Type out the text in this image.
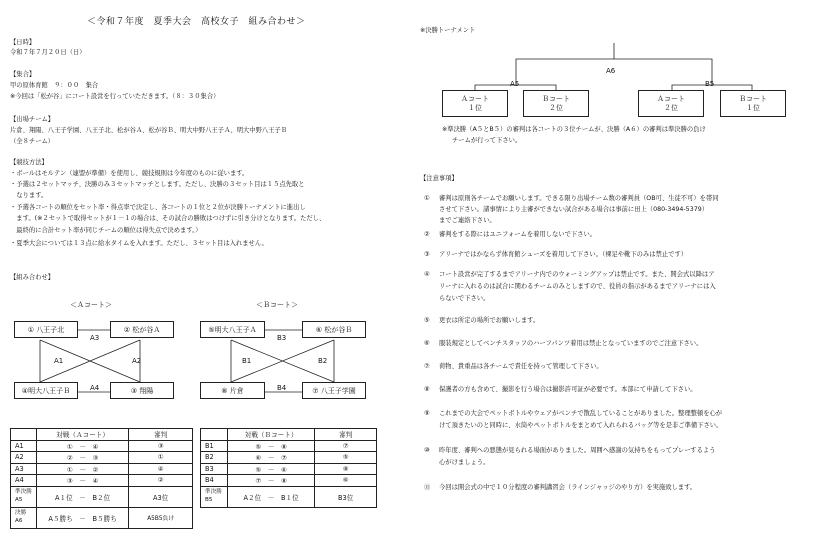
＜令和７年度　夏季大会　高校女子　組み合わせ＞
【日時】
令和７年７月２０日（日）
【集合】
甲の原体育館　９：００　集合
※今回は「松が谷」にコート設営を行っていただきます。（８：３０集合）
【出場チーム】
片倉、翔陽、八王子学園、八王子北、松が谷Ａ、松が谷Ｂ、明大中野八王子Ａ、明大中野八王子Ｂ
（全８チーム）
【競技方法】
・ボールはモルテン（連盟が準備）を使用し、競技規則は今年度のものに従います。
・予選は２セットマッチ、決勝のみ３セットマッチとします。ただし、決勝の３セット目は１５点先取と
　なります。
・予選各コートの順位をセット率・得点率で決定し、各コートの１位と２位が決勝トーナメントに進出し
　ます。(※２セットで取得セットが１－１の場合は、その試合の勝敗はつけずに引き分けとなります。ただし、
　最終的に合計セット率が同じチームの順位は得失点で決めます。）
・夏季大会については１３点に給水タイムを入れます。ただし、３セット目は入れません。
【組み合わせ】
＜Ａコート＞
① 八王子北	② 松が谷Ａ
④明大八王子Ｂ	③ 翔陽
A3
A1	A2
A4
＜Ｂコート＞
⑤明大八王子Ａ	⑥ 松が谷Ｂ
⑧ 片倉	⑦ 八王子学園
B3
B1	B2
B4
	対戦（Ａコート）	審判
A1	①　－　④	③
A2	②　－　③	①
A3	①　－　②	④
A4	③　－　④	②
準決勝
A5	A１位　－　B２位	A3位
決勝
A6	A５勝ち　－　B５勝ち	A5B5負け
	対戦（Ｂコート）	審判
B1	⑤　－　⑧	⑦
B2	⑥　－　⑦	⑤
B3	⑤　－　⑥	⑧
B4	⑦　－　⑧	⑥
準決勝
B5	A２位　－　B１位	B3位
※決勝トーナメント
A6
A5	B5
Ａコート
１位
Ｂコート
２位
Ａコート
２位
Ｂコート
１位
※準決勝（A５とB５）の審判は各コートの３位チームが、決勝（A６）の審判は準決勝の負け
チームが行って下さい。
【注意事項】
① 審判は原則各チームでお願いします。できる限り出場チーム数の審判員（OB可、生徒不可）を帯同
させて下さい。諸事情により主審ができない試合がある場合は事前に田上（080-3494-5379）
までご連絡下さい。
② 審判をする際にはユニフォームを着用しないで下さい。
③ アリーナではかならず体育館シューズを着用して下さい。（裸足や靴下のみは禁止です）
④ コート設営が完了するまでアリーナ内でのウォーミングアップは禁止です。また、開会式以降はア
リーナに入れるのは試合に関わるチームのみとしますので、役員の指示があるまでアリーナには入
らないで下さい。
⑤ 更衣は所定の場所でお願いします。
⑥ 服装規定としてベンチスタッフのハーフパンツ着用は禁止となっていますのでご注意下さい。
⑦ 荷物、貴重品は各チームで責任を持って管理して下さい。
⑧ 保護者の方も含めて、撮影を行う場合は撮影許可証が必要です。本部にて申請して下さい。
⑨ これまでの大会でペットボトルやウェアがベンチで散乱していることがありました。整理整頓を心が
けて頂きたいのと同時に、水筒やペットボトルをまとめて入れられるバッグ等を是非ご準備下さい。
⑩ 昨年度、審判への悪態が見られる場面がありました。周囲へ感謝の気持ちをもってプレーするよう
心がけましょう。
⑪ 今回は開会式の中で１０分程度の審判講習会（ラインジャッジのやり方）を実施致します。
